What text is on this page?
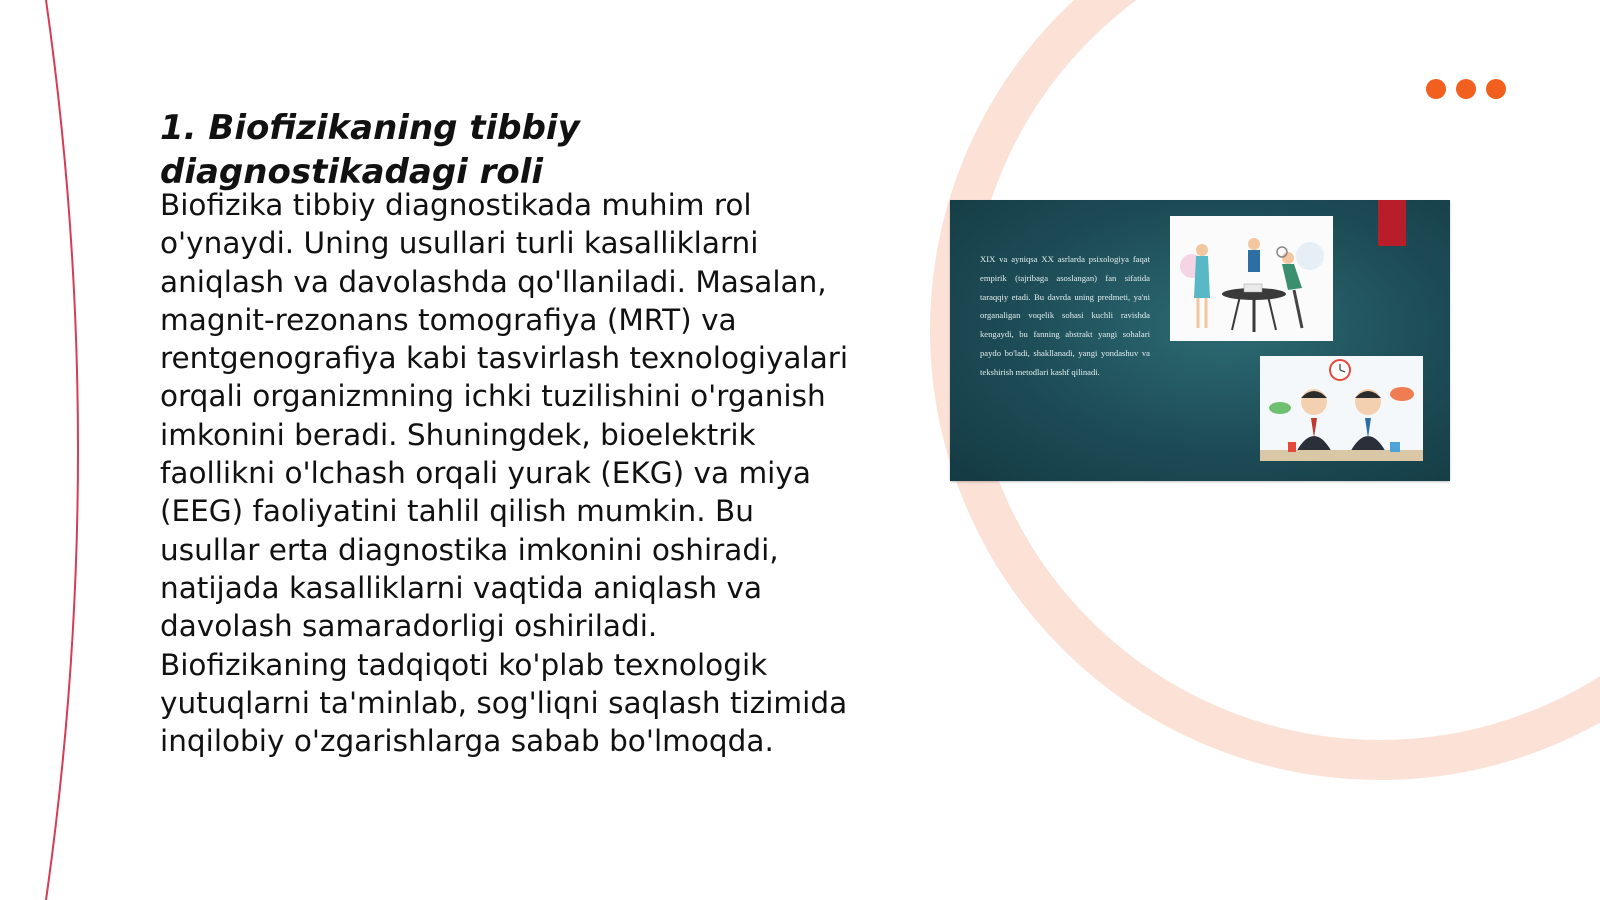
1. Biofizikaning tibbiy diagnostikadagi roli

Biofizika tibbiy diagnostikada muhim rol o'ynaydi. Uning usullari turli kasalliklarni aniqlash va davolashda qo'llaniladi. Masalan, magnit-rezonans tomografiya (MRT) va rentgenografiya kabi tasvirlash texnologiyalari orqali organizmning ichki tuzilishini o'rganish imkonini beradi. Shuningdek, bioelektrik faollikni o'lchash orqali yurak (EKG) va miya (EEG) faoliyatini tahlil qilish mumkin. Bu usullar erta diagnostika imkonini oshiradi, natijada kasalliklarni vaqtida aniqlash va davolash samaradorligi oshiriladi. Biofizikaning tadqiqoti ko'plab texnologik yutuqlarni ta'minlab, sog'liqni saqlash tizimida inqilobiy o'zgarishlarga sabab bo'lmoqda.

XIX va ayniqsa XX asrlarda psixologiya faqat empirik (tajribaga asoslangan) fan sifatida taraqqiy etadi. Bu davrda uning predmeti, ya'ni organaligan voqelik sohasi kuchli ravishda kengaydi, bu fanning abstrakt yangi sohalari paydo bo'ladi, shakllanadi, yangi yondashuv va tekshirish metodlari kashf qilinadi.
